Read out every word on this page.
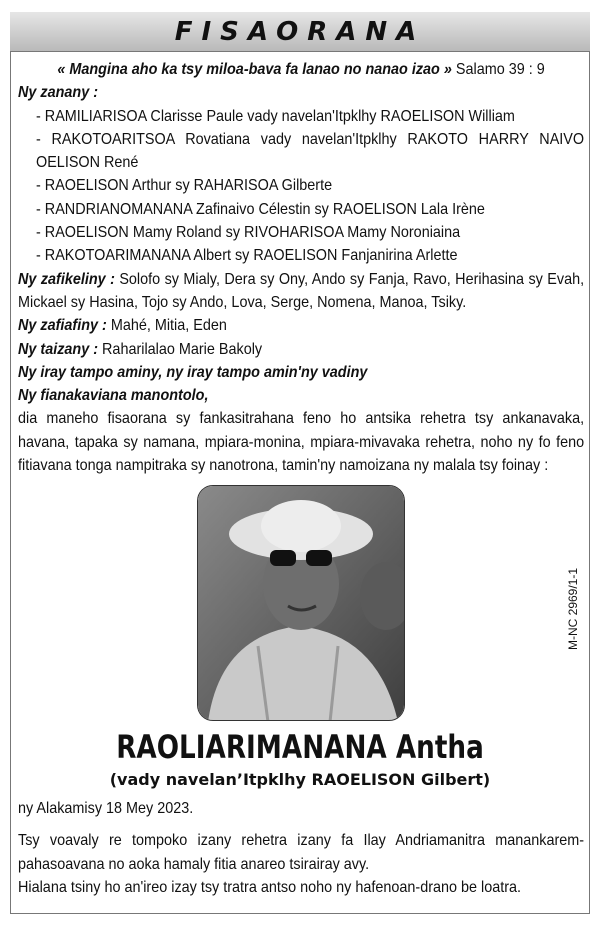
FISAORANA
« Mangina aho ka tsy miloa-bava fa lanao no nanao izao » Salamo 39 : 9
Ny zanany :
- RAMILIARISOA Clarisse Paule vady navelan'Itpklhy RAOELISON William
- RAKOTOARITSOA Rovatiana vady navelan'Itpklhy RAKOTO HARRY NAIVO OELISON René
- RAOELISON Arthur sy RAHARISOA Gilberte
- RANDRIANOMANANA Zafinaivo Célestin sy RAOELISON Lala Irène
- RAOELISON Mamy Roland sy RIVOHARISOA Mamy Noroniaina
- RAKOTOARIMANANA Albert sy RAOELISON Fanjanirina Arlette
Ny zafikeliny : Solofo sy Mialy, Dera sy Ony, Ando sy Fanja, Ravo, Herihasina sy Evah, Mickael sy Hasina, Tojo sy Ando, Lova, Serge, Nomena, Manoa, Tsiky.
Ny zafiafiny : Mahé, Mitia, Eden
Ny taizany : Raharilalao Marie Bakoly
Ny iray tampo aminy, ny iray tampo amin'ny vadiny
Ny fianakaviana manontolo,
dia maneho fisaorana sy fankasitrahana feno ho antsika rehetra tsy ankanavaka, havana, tapaka sy namana, mpiara-monina, mpiara-mivavaka rehetra, noho ny fo feno fitiavana tonga nampitraka sy nanotrona, tamin'ny namoizana ny malala tsy foinay :
M-NC 2969/1-1
RAOLIARIMANANA Antha
(vady navelan’Itpklhy RAOELISON Gilbert)
ny Alakamisy 18 Mey 2023.
Tsy voavaly re tompoko izany rehetra izany fa Ilay Andriamanitra manankarem-pahasoavana no aoka hamaly fitia anareo tsirairay avy.
Hialana tsiny ho an'ireo izay tsy tratra antso noho ny hafenoan-drano be loatra.
